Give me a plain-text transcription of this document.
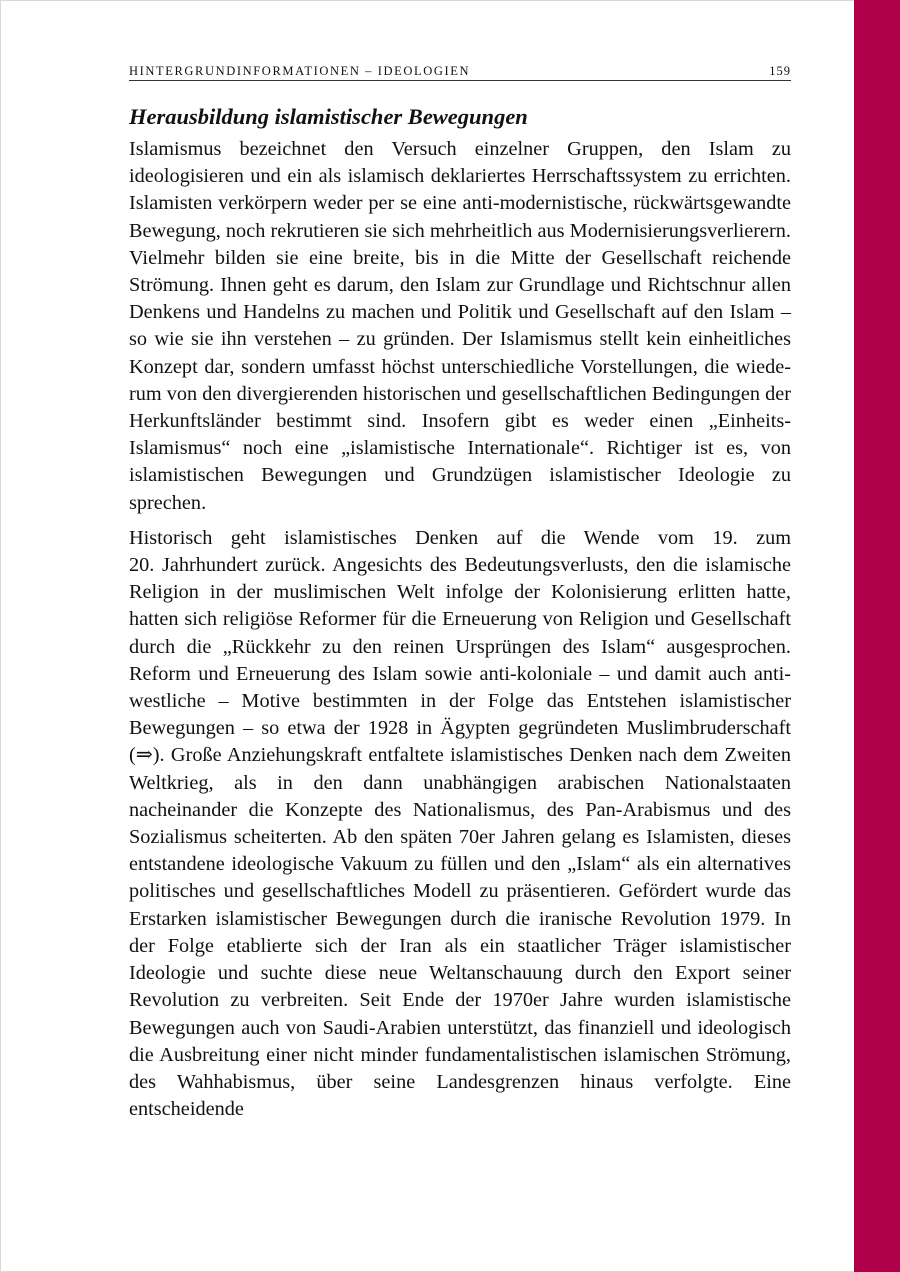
HINTERGRUNDINFORMATIONEN – IDEOLOGIEN	159
Herausbildung islamistischer Bewegungen

Islamismus bezeichnet den Versuch einzelner Gruppen, den Islam zu ideologisieren und ein als islamisch deklariertes Herrschaftssystem zu errichten. Islamisten verkörpern weder per se eine anti-modernistische, rückwärtsgewandte Bewegung, noch rekrutieren sie sich mehrheitlich aus Modernisierungsverlierern. Vielmehr bilden sie eine breite, bis in die Mitte der Gesellschaft reichende Strömung. Ihnen geht es darum, den Islam zur Grundlage und Richtschnur allen Denkens und Handelns zu machen und Politik und Gesellschaft auf den Islam – so wie sie ihn verstehen – zu gründen. Der Islamismus stellt kein einheitliches Konzept dar, sondern umfasst höchst unterschiedliche Vorstellungen, die wiederum von den divergierenden historischen und gesellschaftlichen Bedingungen der Herkunftsländer bestimmt sind. Insofern gibt es weder einen „Einheits-Islamismus“ noch eine „islamistische Internationale“. Richtiger ist es, von islamistischen Bewegungen und Grundzügen islamistischer Ideologie zu sprechen.

Historisch geht islamistisches Denken auf die Wende vom 19. zum 20. Jahrhundert zurück. Angesichts des Bedeutungsverlusts, den die islamische Religion in der muslimischen Welt infolge der Kolonisierung erlitten hatte, hatten sich religiöse Reformer für die Erneuerung von Religion und Gesellschaft durch die „Rückkehr zu den reinen Ursprüngen des Islam“ ausgesprochen. Reform und Erneuerung des Islam sowie anti-koloniale – und damit auch anti-westliche – Motive bestimmten in der Folge das Entstehen islamistischer Bewegungen – so etwa der 1928 in Ägypten gegründeten Muslimbruderschaft (⇒). Große Anziehungskraft entfaltete islamistisches Denken nach dem Zweiten Weltkrieg, als in den dann unabhängigen arabischen Nationalstaaten nacheinander die Konzepte des Nationalismus, des Pan-Arabismus und des Sozialismus scheiterten. Ab den späten 70er Jahren gelang es Islamisten, dieses entstandene ideologische Vakuum zu füllen und den „Islam“ als ein alternatives politisches und gesellschaftliches Modell zu präsentieren. Gefördert wurde das Erstarken islamistischer Bewegungen durch die iranische Revolution 1979. In der Folge etablierte sich der Iran als ein staatlicher Träger islamistischer Ideologie und suchte diese neue Weltanschauung durch den Export seiner Revolution zu verbreiten. Seit Ende der 1970er Jahre wurden islamistische Bewegungen auch von Saudi-Arabien unterstützt, das finanziell und ideologisch die Ausbreitung einer nicht minder fundamentalistischen islamischen Strömung, des Wahhabismus, über seine Landesgrenzen hinaus verfolgte. Eine entscheidende
